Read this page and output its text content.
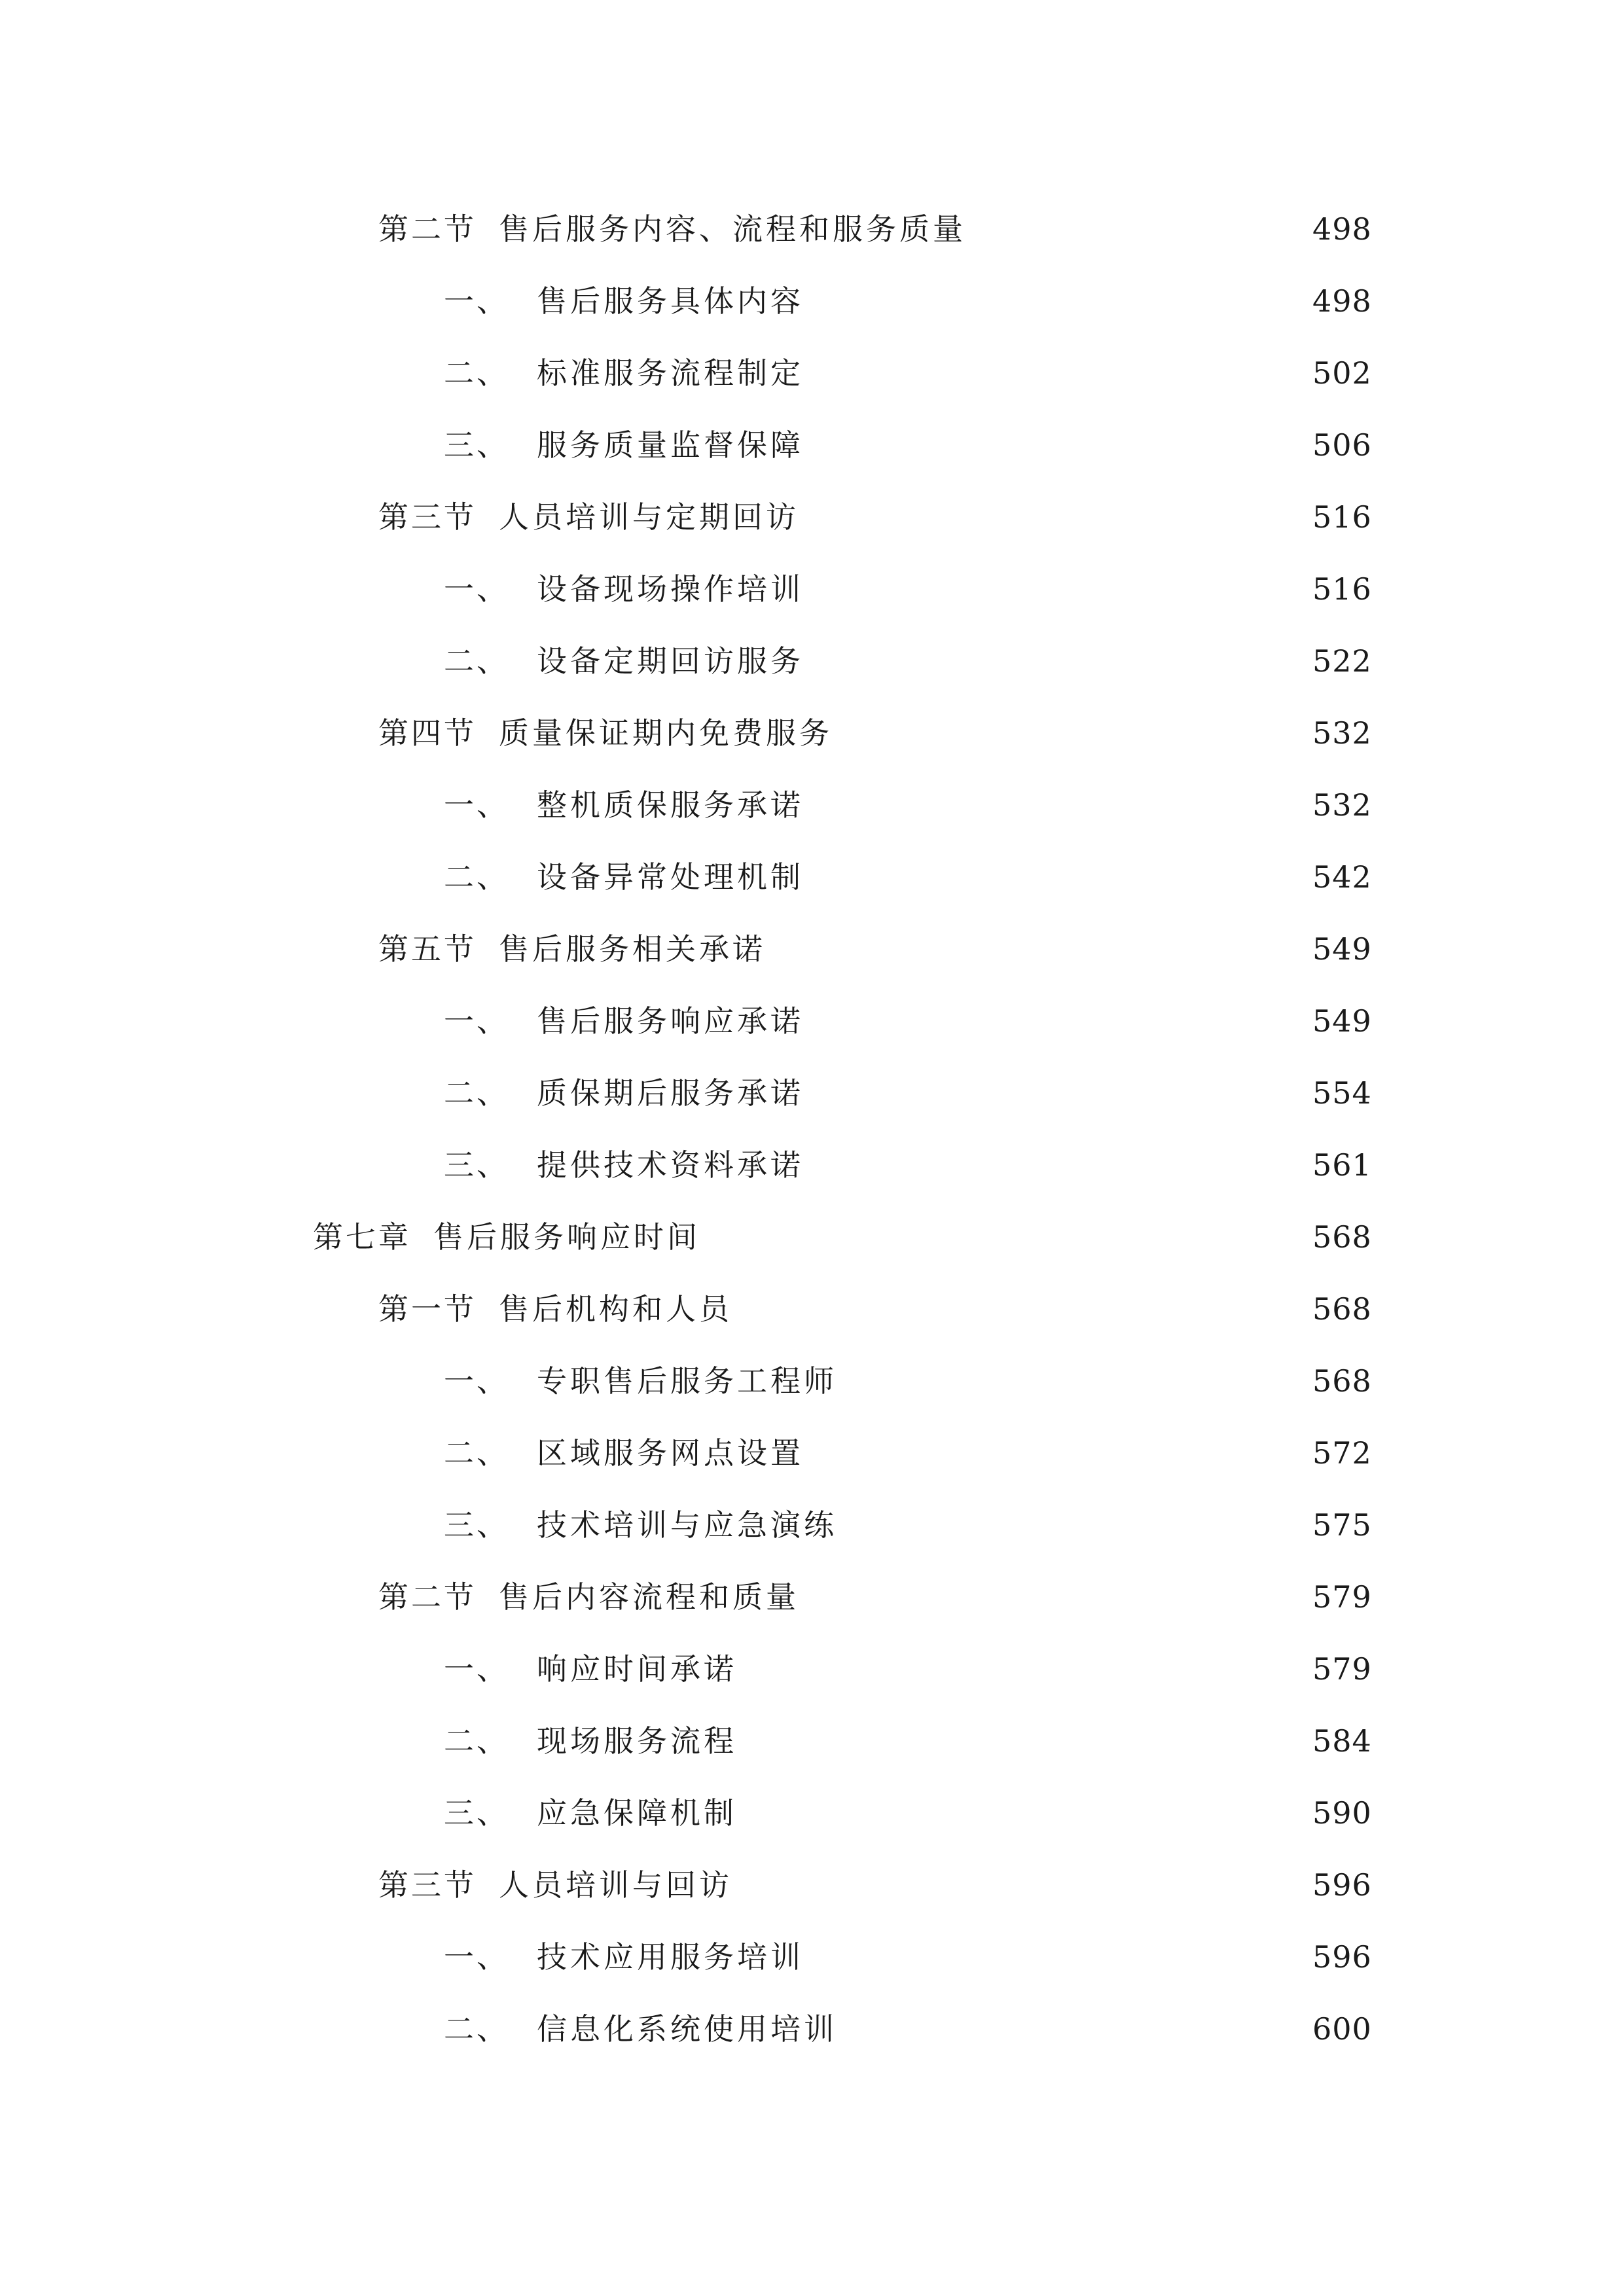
第二节 售后服务内容、流程和服务质量	498
一、 售后服务具体内容	498
二、 标准服务流程制定	502
三、 服务质量监督保障	506
第三节 人员培训与定期回访	516
一、 设备现场操作培训	516
二、 设备定期回访服务	522
第四节 质量保证期内免费服务	532
一、 整机质保服务承诺	532
二、 设备异常处理机制	542
第五节 售后服务相关承诺	549
一、 售后服务响应承诺	549
二、 质保期后服务承诺	554
三、 提供技术资料承诺	561
第七章 售后服务响应时间	568
第一节 售后机构和人员	568
一、 专职售后服务工程师	568
二、 区域服务网点设置	572
三、 技术培训与应急演练	575
第二节 售后内容流程和质量	579
一、 响应时间承诺	579
二、 现场服务流程	584
三、 应急保障机制	590
第三节 人员培训与回访	596
一、 技术应用服务培训	596
二、 信息化系统使用培训	600
